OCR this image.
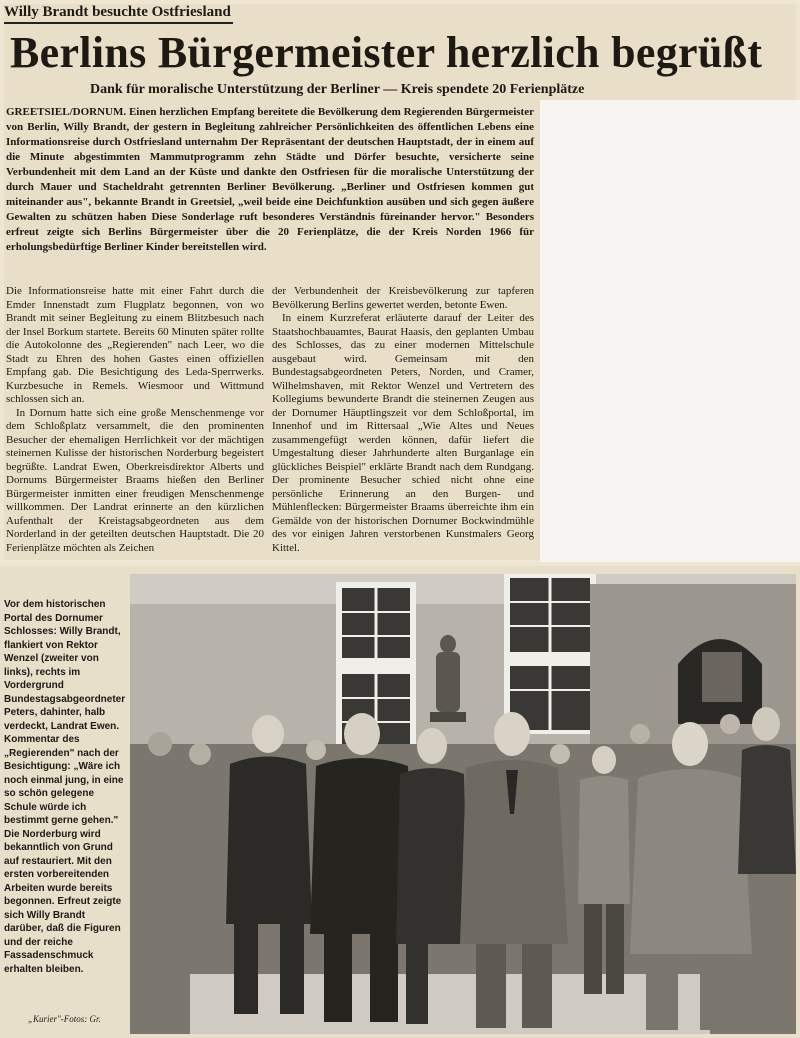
Willy Brandt besuchte Ostfriesland
Berlins Bürgermeister herzlich begrüßt
Dank für moralische Unterstützung der Berliner — Kreis spendete 20 Ferienplätze
GREETSIEL/DORNUM. Einen herzlichen Empfang bereitete die Bevölkerung dem Regierenden Bürgermeister von Berlin, Willy Brandt, der gestern in Begleitung zahlreicher Persönlichkeiten des öffentlichen Lebens eine Informationsreise durch Ostfriesland unternahm Der Repräsentant der deutschen Hauptstadt, der in einem auf die Minute abgestimmten Mammutprogramm zehn Städte und Dörfer besuchte, versicherte seine Verbundenheit mit dem Land an der Küste und dankte den Ostfriesen für die moralische Unterstützung der durch Mauer und Stacheldraht getrennten Berliner Bevölkerung. „Berliner und Ostfriesen kommen gut miteinander aus", bekannte Brandt in Greetsiel, „weil beide eine Deichfunktion ausüben und sich gegen äußere Gewalten zu schützen haben Diese Sonderlage ruft besonderes Verständnis füreinander hervor." Besonders erfreut zeigte sich Berlins Bürgermeister über die 20 Ferienplätze, die der Kreis Norden 1966 für erholungsbedürftige Berliner Kinder bereitstellen wird.

Die Informationsreise hatte mit einer Fahrt durch die Emder Innenstadt zum Flugplatz begonnen, von wo Brandt mit seiner Begleitung zu einem Blitzbesuch nach der Insel Borkum startete. Bereits 60 Minuten später rollte die Autokolonne des „Regierenden" nach Leer, wo die Stadt zu Ehren des hohen Gastes einen offiziellen Empfang gab. Die Besichtigung des Leda-Sperrwerks. Kurzbesuche in Remels. Wiesmoor und Wittmund schlossen sich an.

In Dornum hatte sich eine große Menschenmenge vor dem Schloßplatz versammelt, die den prominenten Besucher der ehemaligen Herrlichkeit vor der mächtigen steinernen Kulisse der historischen Norderburg begeistert begrüßte. Landrat Ewen, Oberkreisdirektor Alberts und Dornums Bürgermeister Braams hießen den Berliner Bürgermeister inmitten einer freudigen Menschenmenge willkommen. Der Landrat erinnerte an den kürzlichen Aufenthalt der Kreistagsabgeordneten aus dem Norderland in der geteilten deutschen Hauptstadt. Die 20 Ferienplätze möchten als Zeichen

der Verbundenheit der Kreisbevölkerung zur tapferen Bevölkerung Berlins gewertet werden, betonte Ewen.

In einem Kurzreferat erläuterte darauf der Leiter des Staatshochbauamtes, Baurat Haasis, den geplanten Umbau des Schlosses, das zu einer modernen Mittelschule ausgebaut wird. Gemeinsam mit den Bundestagsabgeordneten Peters, Norden, und Cramer, Wilhelmshaven, mit Rektor Wenzel und Vertretern des Kollegiums bewunderte Brandt die steinernen Zeugen aus der Dornumer Häuptlingszeit vor dem Schloßportal, im Innenhof und im Rittersaal „Wie Altes und Neues zusammengefügt werden können, dafür liefert die Umgestaltung dieser Jahrhunderte alten Burganlage ein glückliches Beispiel" erklärte Brandt nach dem Rundgang. Der prominente Besucher schied nicht ohne eine persönliche Erinnerung an den Burgen- und Mühlenflecken: Bürgermeister Braams überreichte ihm ein Gemälde von der historischen Dornumer Bockwindmühle des vor einigen Jahren verstorbenen Kunstmalers Georg Kittel.

Vor dem historischen Portal des Dornumer Schlosses: Willy Brandt, flankiert von Rektor Wenzel (zweiter von links), rechts im Vordergrund Bundestagsabgeordneter Peters, dahinter, halb verdeckt, Landrat Ewen. Kommentar des „Regierenden" nach der Besichtigung: „Wäre ich noch einmal jung, in eine so schön gelegene Schule würde ich bestimmt gerne gehen." Die Norderburg wird bekanntlich von Grund auf restauriert. Mit den ersten vorbereitenden Arbeiten wurde bereits begonnen. Erfreut zeigte sich Willy Brandt darüber, daß die Figuren und der reiche Fassadenschmuck erhalten bleiben.
„Kurier"-Fotos: Gr.
